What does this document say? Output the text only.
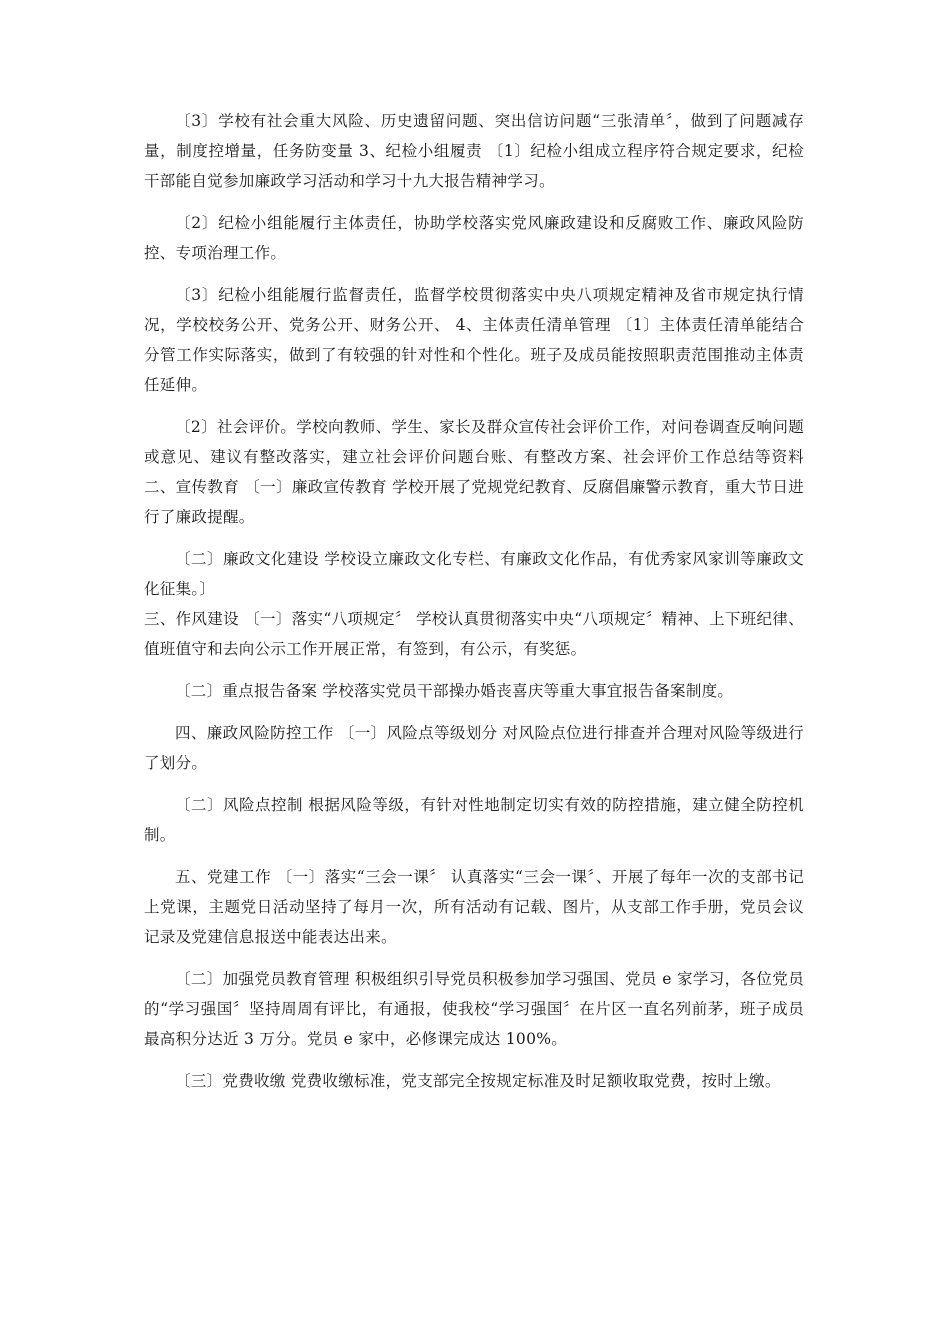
〔3〕学校有社会重大风险、历史遗留问题、突出信访问题“三张清单〞，做到了问题减存量，制度控增量，任务防变量 3、纪检小组履责 〔1〕纪检小组成立程序符合规定要求，纪检干部能自觉参加廉政学习活动和学习十九大报告精神学习。

〔2〕纪检小组能履行主体责任，协助学校落实党风廉政建设和反腐败工作、廉政风险防控、专项治理工作。

〔3〕纪检小组能履行监督责任，监督学校贯彻落实中央八项规定精神及省市规定执行情况，学校校务公开、党务公开、财务公开、 4、主体责任清单管理 〔1〕主体责任清单能结合分管工作实际落实，做到了有较强的针对性和个性化。班子及成员能按照职责范围推动主体责任延伸。

〔2〕社会评价。学校向教师、学生、家长及群众宣传社会评价工作，对问卷调查反响问题或意见、建议有整改落实，建立社会评价问题台账、有整改方案、社会评价工作总结等资料 二、宣传教育 〔一〕廉政宣传教育 学校开展了党规党纪教育、反腐倡廉警示教育，重大节日进行了廉政提醒。

〔二〕廉政文化建设 学校设立廉政文化专栏、有廉政文化作品，有优秀家风家训等廉政文化征集。〕

三、作风建设 〔一〕落实“八项规定〞 学校认真贯彻落实中央“八项规定〞精神、上下班纪律、值班值守和去向公示工作开展正常，有签到，有公示，有奖惩。

〔二〕重点报告备案 学校落实党员干部操办婚丧喜庆等重大事宜报告备案制度。

四、廉政风险防控工作 〔一〕风险点等级划分 对风险点位进行排查并合理对风险等级进行了划分。

〔二〕风险点控制 根据风险等级，有针对性地制定切实有效的防控措施，建立健全防控机制。

五、党建工作 〔一〕落实“三会一课〞 认真落实“三会一课〞、开展了每年一次的支部书记上党课，主题党日活动坚持了每月一次，所有活动有记载、图片，从支部工作手册，党员会议记录及党建信息报送中能表达出来。

〔二〕加强党员教育管理 积极组织引导党员积极参加学习强国、党员 e 家学习，各位党员的“学习强国〞坚持周周有评比，有通报，使我校“学习强国〞在片区一直名列前茅，班子成员最高积分达近 3 万分。党员 e 家中，必修课完成达 100%。

〔三〕党费收缴 党费收缴标准，党支部完全按规定标准及时足额收取党费，按时上缴。
